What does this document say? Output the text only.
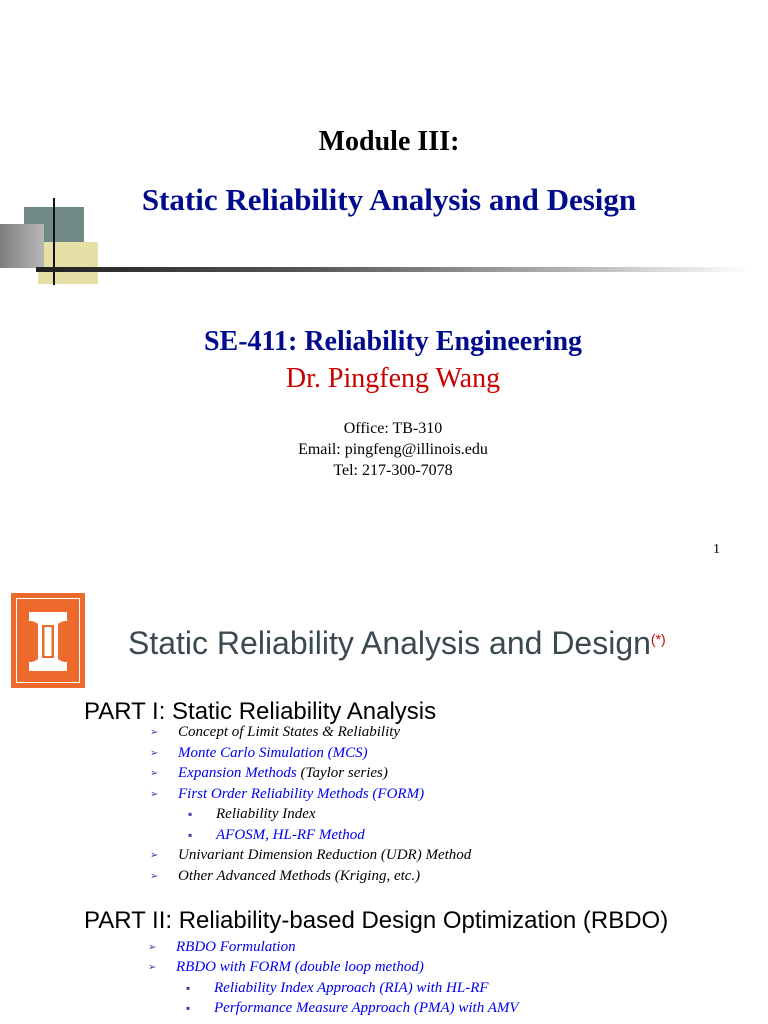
Module III:
Static Reliability Analysis and Design
SE-411: Reliability Engineering
Dr. Pingfeng Wang
Office: TB-310
Email: pingfeng@illinois.edu
Tel: 217-300-7078
1
Static Reliability Analysis and Design(*)
PART I: Static Reliability Analysis
➢ Concept of Limit States & Reliability
➢ Monte Carlo Simulation (MCS)
➢ Expansion Methods (Taylor series)
➢ First Order Reliability Methods (FORM)
▪ Reliability Index
▪ AFOSM, HL-RF Method
➢ Univariant Dimension Reduction (UDR) Method
➢ Other Advanced Methods (Kriging, etc.)
PART II: Reliability-based Design Optimization (RBDO)
➢ RBDO Formulation
➢ RBDO with FORM (double loop method)
▪ Reliability Index Approach (RIA) with HL-RF
▪ Performance Measure Approach (PMA) with AMV
